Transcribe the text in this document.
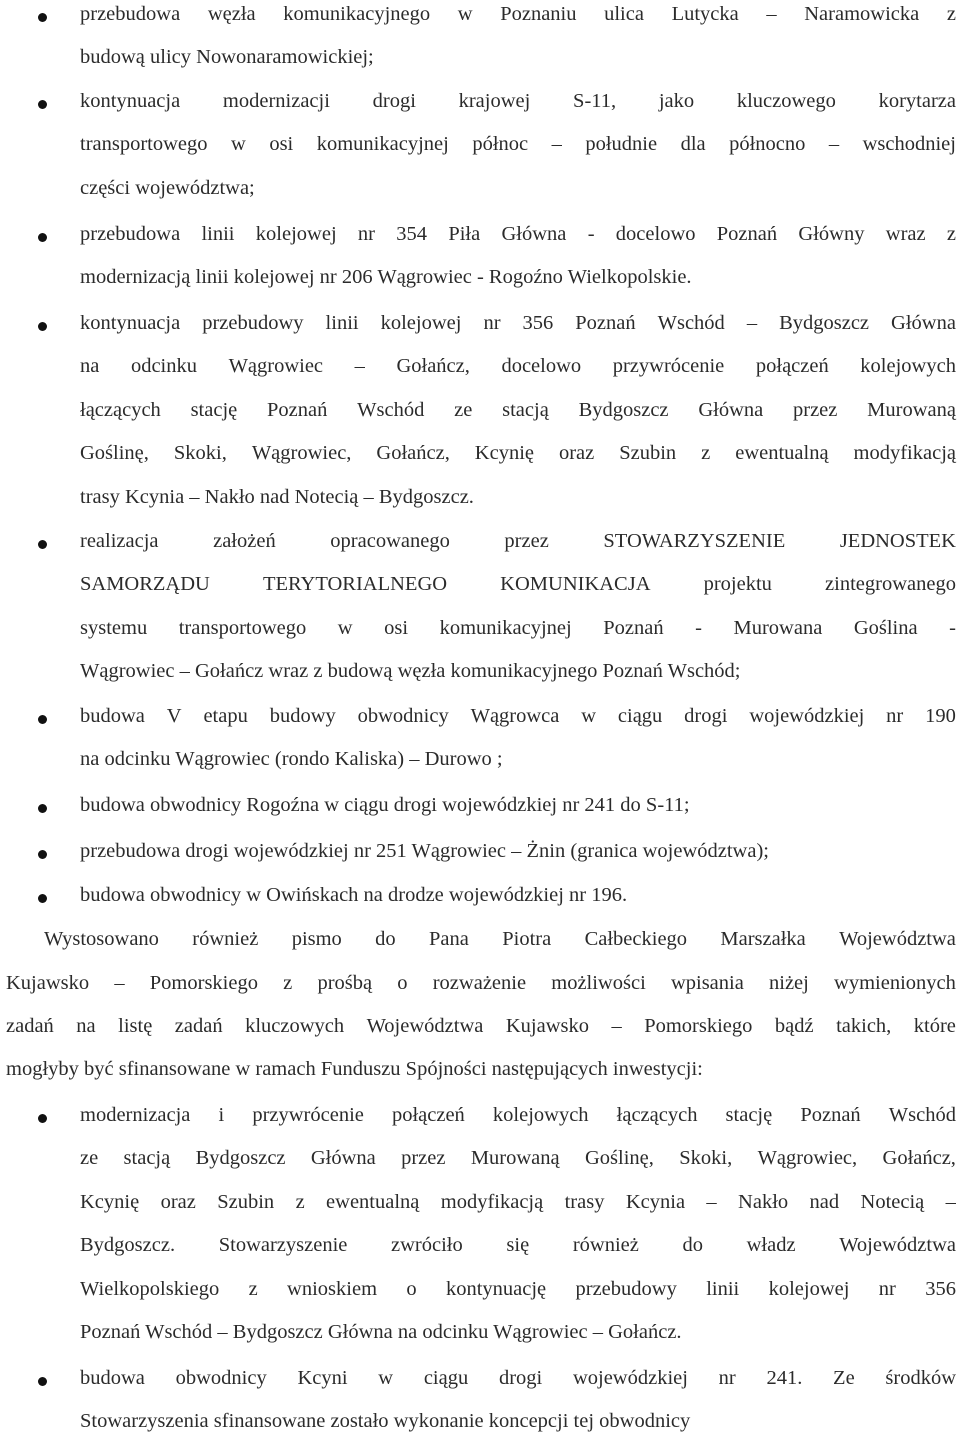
przebudowa węzła komunikacyjnego w Poznaniu ulica Lutycka – Naramowicka z
budową ulicy Nowonaramowickiej;
kontynuacja modernizacji drogi krajowej S-11, jako kluczowego korytarza
transportowego w osi komunikacyjnej północ – południe dla północno – wschodniej
części województwa;
przebudowa linii kolejowej nr 354 Piła Główna - docelowo Poznań Główny wraz z
modernizacją linii kolejowej nr 206 Wągrowiec - Rogoźno Wielkopolskie.
kontynuacja przebudowy linii kolejowej nr 356 Poznań Wschód – Bydgoszcz Główna
na odcinku Wągrowiec – Gołańcz, docelowo przywrócenie połączeń kolejowych
łączących stację Poznań Wschód ze stacją Bydgoszcz Główna przez Murowaną
Goślinę, Skoki, Wągrowiec, Gołańcz, Kcynię oraz Szubin z ewentualną modyfikacją
trasy Kcynia – Nakło nad Notecią – Bydgoszcz.
realizacja	założeń	opracowanego	przez	STOWARZYSZENIE	JEDNOSTEK
SAMORZĄDU	TERYTORIALNEGO	KOMUNIKACJA	projektu	zintegrowanego
systemu transportowego w osi komunikacyjnej Poznań - Murowana Goślina -
Wągrowiec – Gołańcz wraz z budową węzła komunikacyjnego Poznań Wschód;
budowa V etapu budowy obwodnicy Wągrowca w ciągu drogi wojewódzkiej nr 190
na odcinku Wągrowiec (rondo Kaliska) – Durowo ;
budowa obwodnicy Rogoźna w ciągu drogi wojewódzkiej nr 241 do S-11;
przebudowa drogi wojewódzkiej nr 251 Wągrowiec – Żnin (granica województwa);
budowa obwodnicy w Owińskach na drodze wojewódzkiej nr 196.
Wystosowano również pismo do Pana Piotra Całbeckiego Marszałka Województwa
Kujawsko – Pomorskiego z prośbą o rozważenie możliwości wpisania niżej wymienionych
zadań na listę zadań kluczowych Województwa Kujawsko – Pomorskiego bądź takich, które
mogłyby być sfinansowane w ramach Funduszu Spójności następujących inwestycji:
modernizacja i przywrócenie połączeń kolejowych łączących stację Poznań Wschód
ze stacją Bydgoszcz Główna przez Murowaną Goślinę, Skoki, Wągrowiec, Gołańcz,
Kcynię oraz Szubin z ewentualną modyfikacją trasy Kcynia – Nakło nad Notecią –
Bydgoszcz. Stowarzyszenie zwróciło się również do władz Województwa
Wielkopolskiego z wnioskiem o kontynuację przebudowy linii kolejowej nr 356
Poznań Wschód – Bydgoszcz Główna na odcinku Wągrowiec – Gołańcz.
budowa obwodnicy Kcyni w ciągu drogi wojewódzkiej nr 241. Ze środków
Stowarzyszenia sfinansowane zostało wykonanie koncepcji tej obwodnicy
